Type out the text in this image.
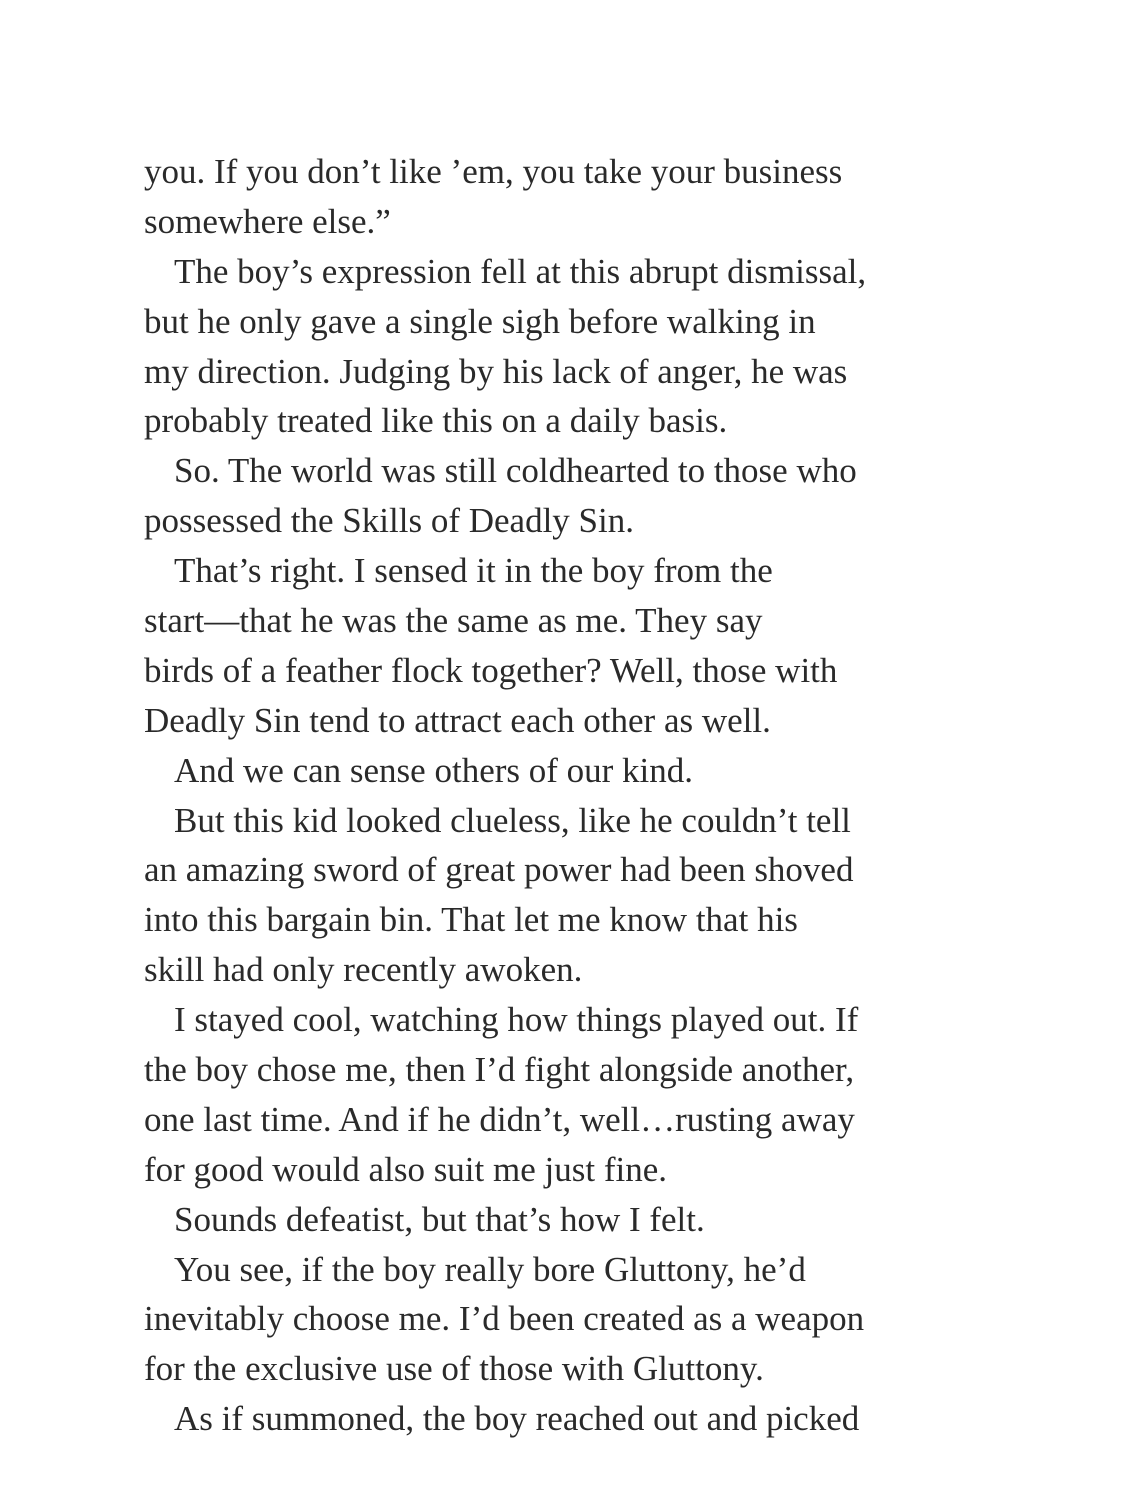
you. If you don’t like ’em, you take your business

somewhere else.”

The boy’s expression fell at this abrupt dismissal,

but he only gave a single sigh before walking in

my direction. Judging by his lack of anger, he was

probably treated like this on a daily basis.

So. The world was still coldhearted to those who

possessed the Skills of Deadly Sin.

That’s right. I sensed it in the boy from the

start—that he was the same as me. They say

birds of a feather flock together? Well, those with

Deadly Sin tend to attract each other as well.

And we can sense others of our kind.

But this kid looked clueless, like he couldn’t tell

an amazing sword of great power had been shoved

into this bargain bin. That let me know that his

skill had only recently awoken.

I stayed cool, watching how things played out. If

the boy chose me, then I’d fight alongside another,

one last time. And if he didn’t, well…rusting away

for good would also suit me just fine.

Sounds defeatist, but that’s how I felt.

You see, if the boy really bore Gluttony, he’d

inevitably choose me. I’d been created as a weapon

for the exclusive use of those with Gluttony.

As if summoned, the boy reached out and picked
